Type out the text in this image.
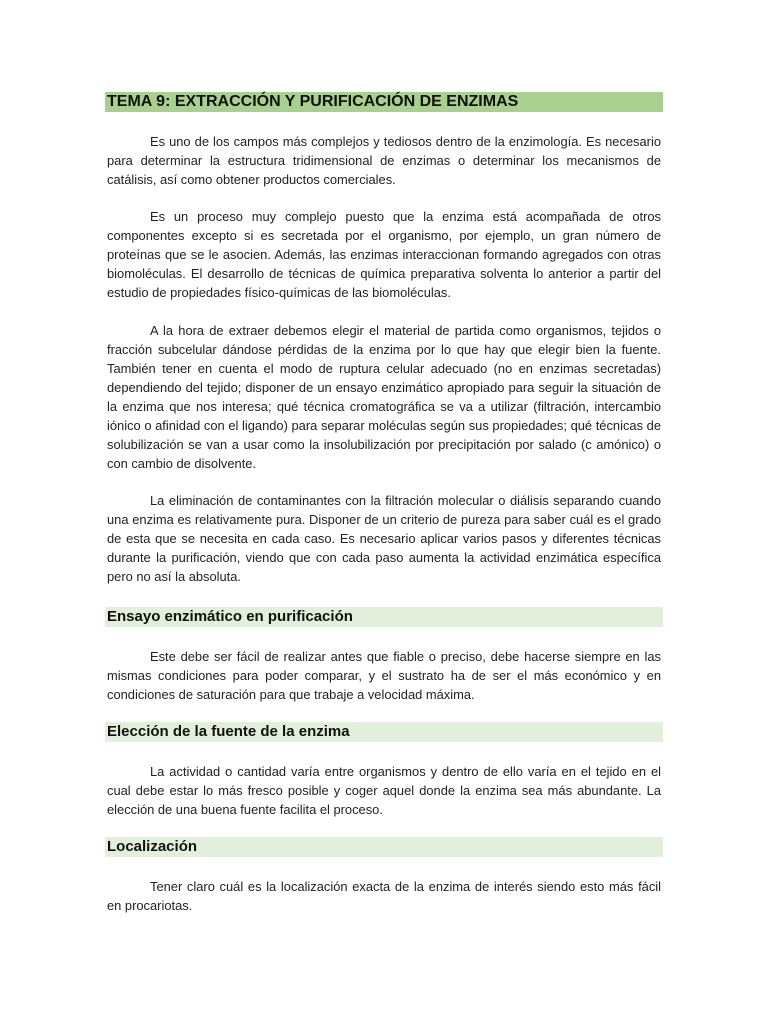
TEMA 9: EXTRACCIÓN Y PURIFICACIÓN DE ENZIMAS

Es uno de los campos más complejos y tediosos dentro de la enzimología. Es necesario para determinar la estructura tridimensional de enzimas o determinar los mecanismos de catálisis, así como obtener productos comerciales.

Es un proceso muy complejo puesto que la enzima está acompañada de otros componentes excepto si es secretada por el organismo, por ejemplo, un gran número de proteínas que se le asocien. Además, las enzimas interaccionan formando agregados con otras biomoléculas. El desarrollo de técnicas de química preparativa solventa lo anterior a partir del estudio de propiedades físico-químicas de las biomoléculas.

A la hora de extraer debemos elegir el material de partida como organismos, tejidos o fracción subcelular dándose pérdidas de la enzima por lo que hay que elegir bien la fuente. También tener en cuenta el modo de ruptura celular adecuado (no en enzimas secretadas) dependiendo del tejido; disponer de un ensayo enzimático apropiado para seguir la situación de la enzima que nos interesa; qué técnica cromatográfica se va a utilizar (filtración, intercambio iónico o afinidad con el ligando) para separar moléculas según sus propiedades; qué técnicas de solubilización se van a usar como la insolubilización por precipitación por salado (c amónico) o con cambio de disolvente.

La eliminación de contaminantes con la filtración molecular o diálisis separando cuando una enzima es relativamente pura. Disponer de un criterio de pureza para saber cuál es el grado de esta que se necesita en cada caso. Es necesario aplicar varios pasos y diferentes técnicas durante la purificación, viendo que con cada paso aumenta la actividad enzimática específica pero no así la absoluta.

Ensayo enzimático en purificación

Este debe ser fácil de realizar antes que fiable o preciso, debe hacerse siempre en las mismas condiciones para poder comparar, y el sustrato ha de ser el más económico y en condiciones de saturación para que trabaje a velocidad máxima.

Elección de la fuente de la enzima

La actividad o cantidad varía entre organismos y dentro de ello varía en el tejido en el cual debe estar lo más fresco posible y coger aquel donde la enzima sea más abundante. La elección de una buena fuente facilita el proceso.

Localización

Tener claro cuál es la localización exacta de la enzima de interés siendo esto más fácil en procariotas.
